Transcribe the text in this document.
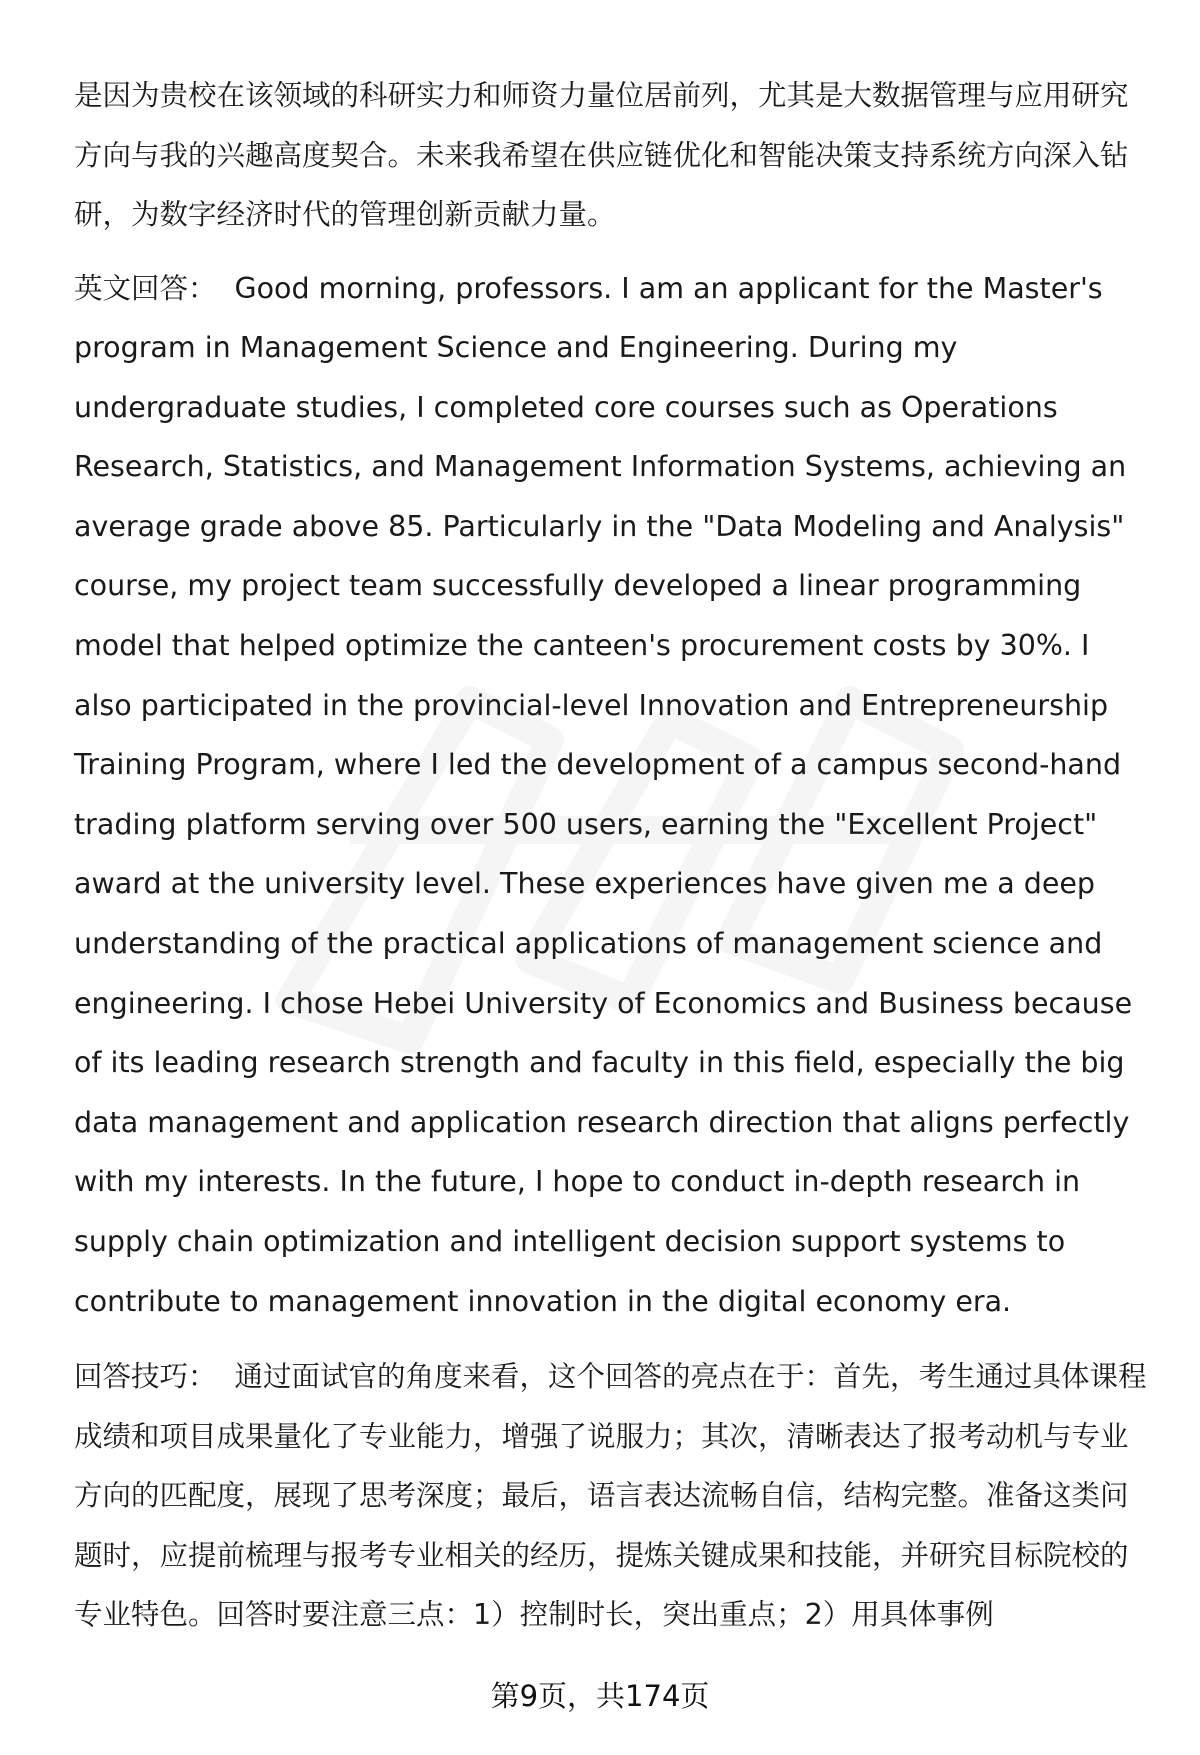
是因为贵校在该领域的科研实力和师资力量位居前列，尤其是大数据管理与应用研究方向与我的兴趣高度契合。未来我希望在供应链优化和智能决策支持系统方向深入钻研，为数字经济时代的管理创新贡献力量。

英文回答： Good morning, professors. I am an applicant for the Master's program in Management Science and Engineering. During my undergraduate studies, I completed core courses such as Operations Research, Statistics, and Management Information Systems, achieving an average grade above 85. Particularly in the "Data Modeling and Analysis" course, my project team successfully developed a linear programming model that helped optimize the canteen's procurement costs by 30%. I also participated in the provincial-level Innovation and Entrepreneurship Training Program, where I led the development of a campus second-hand trading platform serving over 500 users, earning the "Excellent Project" award at the university level. These experiences have given me a deep understanding of the practical applications of management science and engineering. I chose Hebei University of Economics and Business because of its leading research strength and faculty in this field, especially the big data management and application research direction that aligns perfectly with my interests. In the future, I hope to conduct in-depth research in supply chain optimization and intelligent decision support systems to contribute to management innovation in the digital economy era.

回答技巧： 通过面试官的角度来看，这个回答的亮点在于：首先，考生通过具体课程成绩和项目成果量化了专业能力，增强了说服力；其次，清晰表达了报考动机与专业方向的匹配度，展现了思考深度；最后，语言表达流畅自信，结构完整。准备这类问题时，应提前梳理与报考专业相关的经历，提炼关键成果和技能，并研究目标院校的专业特色。回答时要注意三点：1）控制时长，突出重点；2）用具体事例

第9页，共174页
